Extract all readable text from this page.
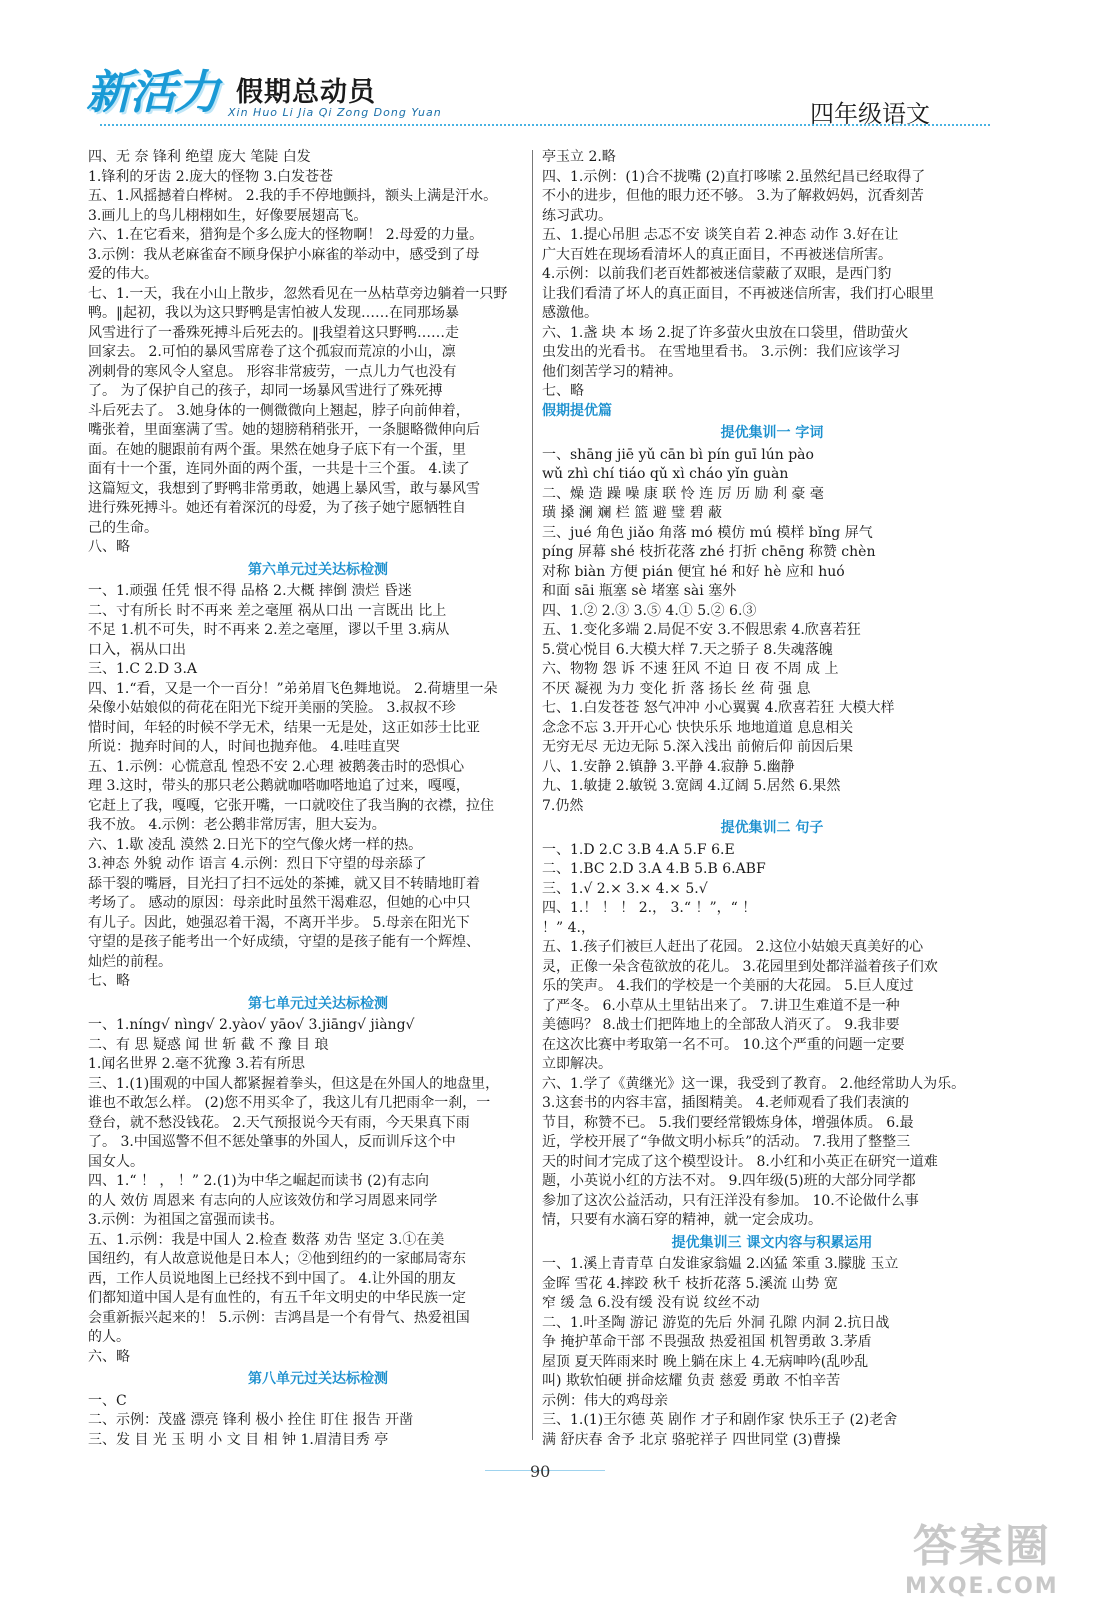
新活力 假期总动员
Xin Huo Li Jia Qi Zong Dong Yuan	四年级语文
四、无 奈 锋利 绝望 庞大 笔陡 白发
1.锋利的牙齿 2.庞大的怪物 3.白发苍苍
五、1.风摇撼着白桦树。 2.我的手不停地颤抖，额头上满是汗水。
3.画儿上的鸟儿栩栩如生，好像要展翅高飞。
六、1.在它看来，猎狗是个多么庞大的怪物啊！ 2.母爱的力量。
3.示例：我从老麻雀奋不顾身保护小麻雀的举动中，感受到了母
爱的伟大。
七、1.一天，我在小山上散步，忽然看见在一丛枯草旁边躺着一只野
鸭。‖起初，我以为这只野鸭是害怕被人发现……在同那场暴
风雪进行了一番殊死搏斗后死去的。‖我望着这只野鸭……走
回家去。 2.可怕的暴风雪席卷了这个孤寂而荒凉的小山，凛
冽刺骨的寒风令人窒息。 形容非常疲劳，一点儿力气也没有
了。 为了保护自己的孩子，却同一场暴风雪进行了殊死搏
斗后死去了。 3.她身体的一侧微微向上翘起，脖子向前伸着，
嘴张着，里面塞满了雪。她的翅膀稍稍张开，一条腿略微伸向后
面。在她的腿跟前有两个蛋。果然在她身子底下有一个蛋，里
面有十一个蛋，连同外面的两个蛋，一共是十三个蛋。 4.读了
这篇短文，我想到了野鸭非常勇敢，她遇上暴风雪，敢与暴风雪
进行殊死搏斗。她还有着深沉的母爱，为了孩子她宁愿牺牲自
己的生命。
八、略
第六单元过关达标检测
一、1.顽强 任凭 恨不得 品格 2.大概 摔倒 溃烂 昏迷
二、寸有所长 时不再来 差之毫厘 祸从口出 一言既出 比上
不足 1.机不可失，时不再来 2.差之毫厘，谬以千里 3.病从
口入，祸从口出
三、1.C 2.D 3.A
四、1.“看，又是一个一百分！”弟弟眉飞色舞地说。 2.荷塘里一朵
朵像小姑娘似的荷花在阳光下绽开美丽的笑脸。 3.叔叔不珍
惜时间，年轻的时候不学无术，结果一无是处，这正如莎士比亚
所说：抛弃时间的人，时间也抛弃他。 4.哇哇直哭
五、1.示例：心慌意乱 惶恐不安 2.心理 被鹅袭击时的恐惧心
理 3.这时，带头的那只老公鹅就咖嗒咖嗒地追了过来，嘎嘎，
它赶上了我，嘎嘎，它张开嘴，一口就咬住了我当胸的衣襟，拉住
我不放。 4.示例：老公鹅非常厉害，胆大妄为。
六、1.歇 凌乱 漠然 2.日光下的空气像火烤一样的热。
3.神态 外貌 动作 语言 4.示例：烈日下守望的母亲舔了
舔干裂的嘴唇，目光扫了扫不远处的茶摊，就又目不转睛地盯着
考场了。 感动的原因：母亲此时虽然干渴难忍，但她的心中只
有儿子。因此，她强忍着干渴，不离开半步。 5.母亲在阳光下
守望的是孩子能考出一个好成绩，守望的是孩子能有一个辉煌、
灿烂的前程。
七、略
第七单元过关达标检测
一、1.níng√ nìng√ 2.yào√ yāo√ 3.jiāng√ jiàng√
二、有 思 疑惑 闻 世 斩 截 不 豫 目 琅
1.闻名世界 2.毫不犹豫 3.若有所思
三、1.(1)围观的中国人都紧握着拳头，但这是在外国人的地盘里，
谁也不敢怎么样。 (2)您不用买伞了，我这儿有几把雨伞一刹，一
登台，就不愁没钱花。 2.天气预报说今天有雨，今天果真下雨
了。 3.中国巡警不但不惩处肇事的外国人，反而训斥这个中
国女人。
四、1.“ ！ ， ！” 2.(1)为中华之崛起而读书 (2)有志向
的人 效仿 周恩来 有志向的人应该效仿和学习周恩来同学
3.示例：为祖国之富强而读书。
五、1.示例：我是中国人 2.检查 数落 劝告 坚定 3.①在美
国纽约，有人故意说他是日本人；②他到纽约的一家邮局寄东
西，工作人员说地图上已经找不到中国了。 4.让外国的朋友
们都知道中国人是有血性的，有五千年文明史的中华民族一定
会重新振兴起来的！ 5.示例：吉鸿昌是一个有骨气、热爱祖国
的人。
六、略
第八单元过关达标检测
一、C
二、示例：茂盛 漂亮 锋利 极小 拴住 盯住 报告 开凿
三、发 目 光 玉 明 小 文 目 相 钟 1.眉清目秀 亭
亭玉立 2.略
四、1.示例：(1)合不拢嘴 (2)直打哆嗦 2.虽然纪昌已经取得了
不小的进步，但他的眼力还不够。 3.为了解救妈妈，沉香刻苦
练习武功。
五、1.提心吊胆 忐忑不安 谈笑自若 2.神态 动作 3.好在让
广大百姓在现场看清坏人的真正面目，不再被迷信所害。
4.示例：以前我们老百姓都被迷信蒙蔽了双眼，是西门豹
让我们看清了坏人的真正面目，不再被迷信所害，我们打心眼里
感激他。
六、1.盏 块 本 场 2.捉了许多萤火虫放在口袋里，借助萤火
虫发出的光看书。 在雪地里看书。 3.示例：我们应该学习
他们刻苦学习的精神。
七、略
假期提优篇
提优集训一 字词
一、shāng jiē yǔ cān bì pín guī lún pào
wǔ zhì chí tiáo qǔ xì cháo yǐn guàn
二、燥 造 躁 噪 康 联 怜 连 厉 历 励 利 豪 毫
璜 搡 澜 斓 栏 篮 避 璧 碧 蔽
三、jué 角色 jiǎo 角落 mó 模仿 mú 模样 bǐng 屏气
píng 屏幕 shé 枝折花落 zhé 打折 chēng 称赞 chèn
对称 biàn 方便 pián 便宜 hé 和好 hè 应和 huó
和面 sāi 瓶塞 sè 堵塞 sài 塞外
四、1.② 2.③ 3.⑤ 4.① 5.② 6.③
五、1.变化多端 2.局促不安 3.不假思索 4.欣喜若狂
5.赏心悦目 6.大模大样 7.天之骄子 8.失魂落魄
六、物物 怨 诉 不速 狂风 不迫 日 夜 不周 成 上
不厌 凝视 为力 变化 折 落 扬长 丝 荷 强 息
七、1.白发苍苍 怒气冲冲 小心翼翼 4.欣喜若狂 大模大样
念念不忘 3.开开心心 快快乐乐 地地道道 息息相关
无穷无尽 无边无际 5.深入浅出 前俯后仰 前因后果
八、1.安静 2.镇静 3.平静 4.寂静 5.幽静
九、1.敏捷 2.敏锐 3.宽阔 4.辽阔 5.居然 6.果然
7.仍然
提优集训二 句子
一、1.D 2.C 3.B 4.A 5.F 6.E
二、1.BC 2.D 3.A 4.B 5.B 6.ABF
三、1.√ 2.× 3.× 4.× 5.√
四、1.！ ！ ！ 2.， 3.“ ！”，“ ！
！” 4.，
五、1.孩子们被巨人赶出了花园。 2.这位小姑娘天真美好的心
灵，正像一朵含苞欲放的花儿。 3.花园里到处都洋溢着孩子们欢
乐的笑声。 4.我们的学校是一个美丽的大花园。 5.巨人度过
了严冬。 6.小草从土里钻出来了。 7.讲卫生难道不是一种
美德吗？ 8.战士们把阵地上的全部敌人消灭了。 9.我非要
在这次比赛中考取第一名不可。 10.这个严重的问题一定要
立即解决。
六、1.学了《黄继光》这一课，我受到了教育。 2.他经常助人为乐。
3.这套书的内容丰富，插图精美。 4.老师观看了我们表演的
节目，称赞不已。 5.我们要经常锻炼身体，增强体质。 6.最
近，学校开展了“争做文明小标兵”的活动。 7.我用了整整三
天的时间才完成了这个模型设计。 8.小红和小英正在研究一道难
题，小英说小红的方法不对。 9.四年级(5)班的大部分同学都
参加了这次公益活动，只有汪洋没有参加。 10.不论做什么事
情，只要有水滴石穿的精神，就一定会成功。
提优集训三 课文内容与积累运用
一、1.溪上青青草 白发谁家翁媪 2.凶猛 笨重 3.朦胧 玉立
金晖 雪花 4.摔跤 秋千 枝折花落 5.溪流 山势 宽
窄 缓 急 6.没有缓 没有说 纹丝不动
二、1.叶圣陶 游记 游览的先后 外洞 孔隙 内洞 2.抗日战
争 掩护革命干部 不畏强敌 热爱祖国 机智勇敢 3.茅盾
屋顶 夏天阵雨来时 晚上躺在床上 4.无病呻吟(乱吵乱
叫) 欺软怕硬 拼命炫耀 负责 慈爱 勇敢 不怕辛苦
示例：伟大的鸡母亲
三、1.(1)王尔德 英 剧作 才子和剧作家 快乐王子 (2)老舍
满 舒庆春 舍予 北京 骆驼祥子 四世同堂 (3)曹操
90
答案圈
MXQE.COM
